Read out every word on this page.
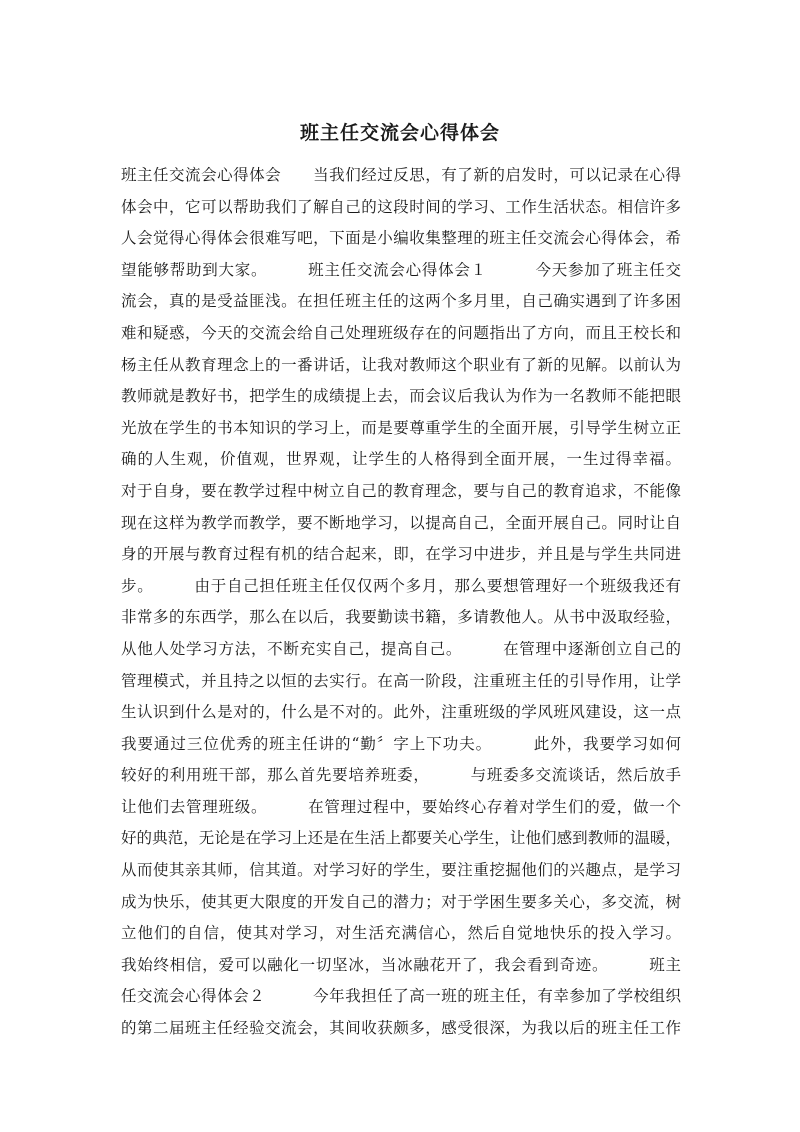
班主任交流会心得体会
班主任交流会心得体会　　当我们经过反思，有了新的启发时，可以记录在心得
体会中，它可以帮助我们了解自己的这段时间的学习、工作生活状态。相信许多
人会觉得心得体会很难写吧，下面是小编收集整理的班主任交流会心得体会，希
望能够帮助到大家。　　　班主任交流会心得体会１　　　今天参加了班主任交
流会，真的是受益匪浅。在担任班主任的这两个多月里，自己确实遇到了许多困
难和疑惑，今天的交流会给自己处理班级存在的问题指出了方向，而且王校长和
杨主任从教育理念上的一番讲话，让我对教师这个职业有了新的见解。以前认为
教师就是教好书，把学生的成绩提上去，而会议后我认为作为一名教师不能把眼
光放在学生的书本知识的学习上，而是要尊重学生的全面开展，引导学生树立正
确的人生观，价值观，世界观，让学生的人格得到全面开展，一生过得幸福。
对于自身，要在教学过程中树立自己的教育理念，要与自己的教育追求，不能像
现在这样为教学而教学，要不断地学习，以提高自己，全面开展自己。同时让自
身的开展与教育过程有机的结合起来，即，在学习中进步，并且是与学生共同进
步。　　　由于自己担任班主任仅仅两个多月，那么要想管理好一个班级我还有
非常多的东西学，那么在以后，我要勤读书籍，多请教他人。从书中汲取经验，
从他人处学习方法，不断充实自己，提高自己。　　　在管理中逐渐创立自己的
管理模式，并且持之以恒的去实行。在高一阶段，注重班主任的引导作用，让学
生认识到什么是对的，什么是不对的。此外，注重班级的学风班风建设，这一点
我要通过三位优秀的班主任讲的“勤〞字上下功夫。　　　此外，我要学习如何
较好的利用班干部，那么首先要培养班委，　　　与班委多交流谈话，然后放手
让他们去管理班级。　　　在管理过程中，要始终心存着对学生们的爱，做一个
好的典范，无论是在学习上还是在生活上都要关心学生，让他们感到教师的温暖，
从而使其亲其师，信其道。对学习好的学生，要注重挖掘他们的兴趣点，是学习
成为快乐，使其更大限度的开发自己的潜力；对于学困生要多关心，多交流，树
立他们的自信，使其对学习，对生活充满信心，然后自觉地快乐的投入学习。
我始终相信，爱可以融化一切坚冰，当冰融花开了，我会看到奇迹。　　　班主
任交流会心得体会２　　　今年我担任了高一班的班主任，有幸参加了学校组织
的第二届班主任经验交流会，其间收获颇多，感受很深，为我以后的班主任工作
